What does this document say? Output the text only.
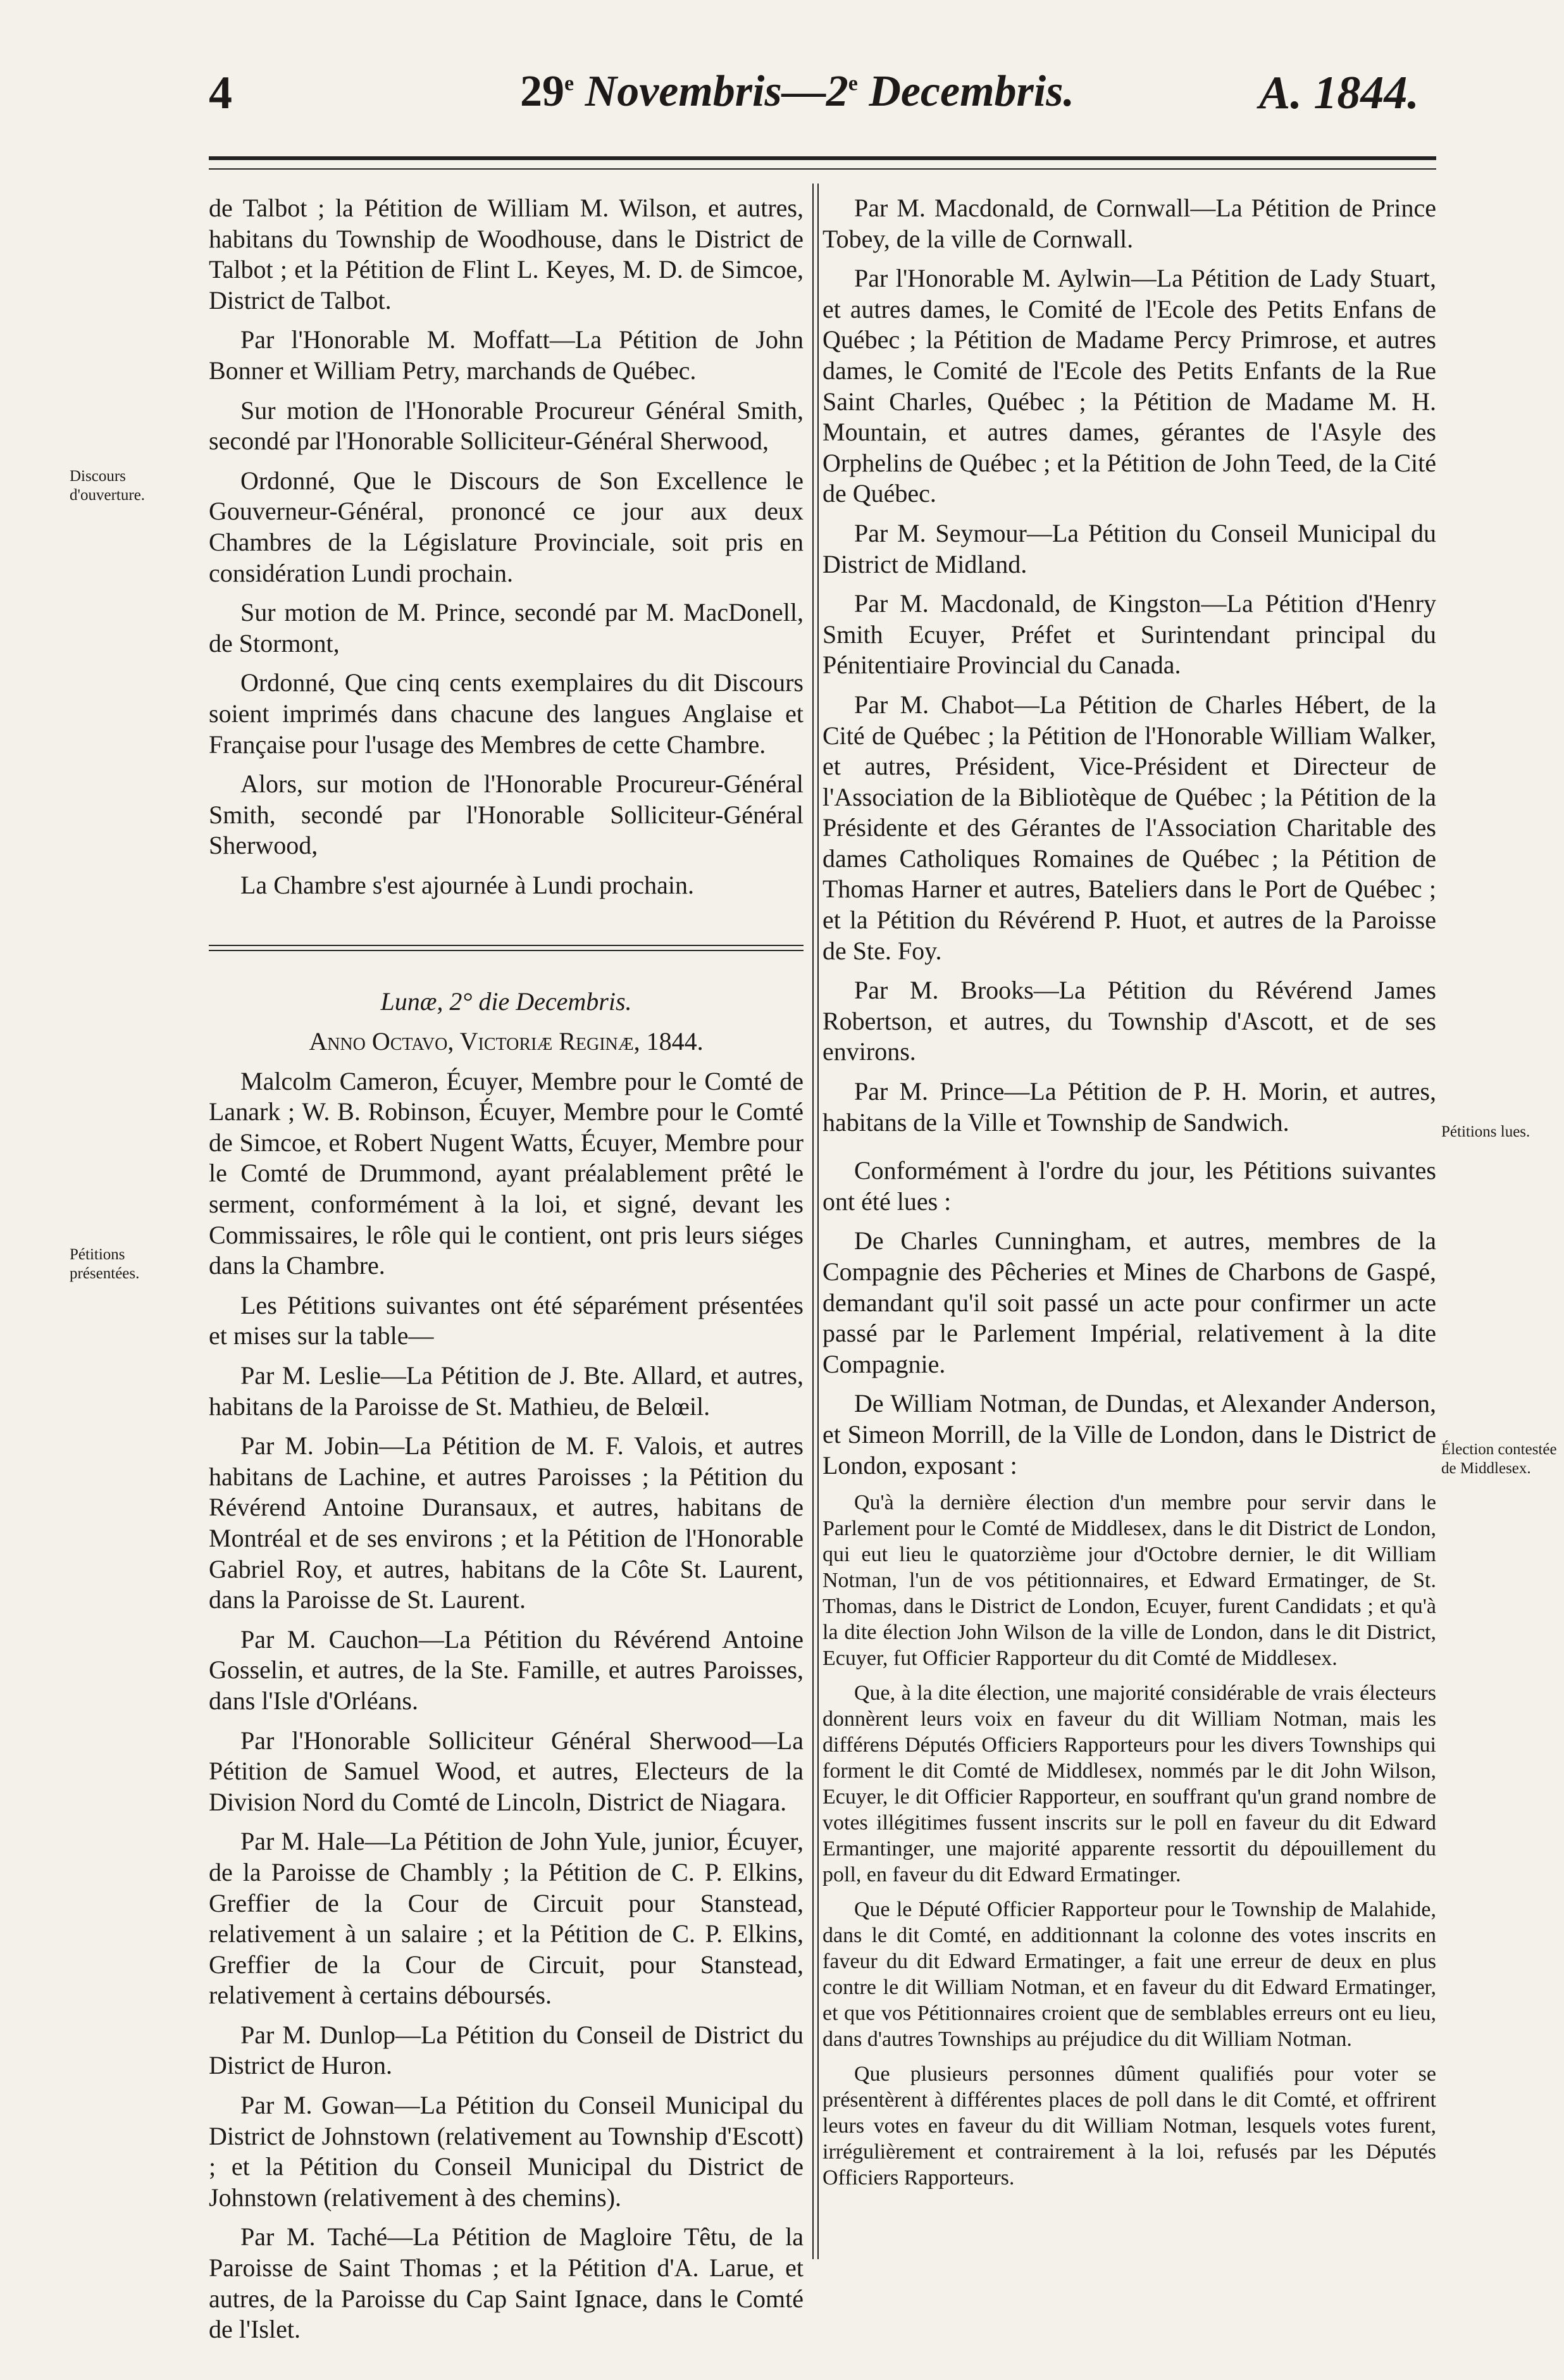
4	29e Novembris—2e Decembris.	A. 1844.
Discours d'ouverture.
Pétitions présentées.
Pétitions lues.
Élection contestée de Middlesex.

de Talbot ; la Pétition de William M. Wilson, et autres, habitans du Township de Woodhouse, dans le District de Talbot ; et la Pétition de Flint L. Keyes, M. D. de Simcoe, District de Talbot.

Par l'Honorable M. Moffatt—La Pétition de John Bonner et William Petry, marchands de Québec.

Sur motion de l'Honorable Procureur Général Smith, secondé par l'Honorable Solliciteur-Général Sherwood,

Ordonné, Que le Discours de Son Excellence le Gouverneur-Général, prononcé ce jour aux deux Chambres de la Législature Provinciale, soit pris en considération Lundi prochain.

Sur motion de M. Prince, secondé par M. MacDonell, de Stormont,

Ordonné, Que cinq cents exemplaires du dit Discours soient imprimés dans chacune des langues Anglaise et Française pour l'usage des Membres de cette Chambre.

Alors, sur motion de l'Honorable Procureur-Général Smith, secondé par l'Honorable Solliciteur-Général Sherwood,

La Chambre s'est ajournée à Lundi prochain.

Lunæ, 2° die Decembris.

Anno Octavo, Victoriæ Reginæ, 1844.

Malcolm Cameron, Écuyer, Membre pour le Comté de Lanark ; W. B. Robinson, Écuyer, Membre pour le Comté de Simcoe, et Robert Nugent Watts, Écuyer, Membre pour le Comté de Drummond, ayant préalablement prêté le serment, conformément à la loi, et signé, devant les Commissaires, le rôle qui le contient, ont pris leurs siéges dans la Chambre.

Les Pétitions suivantes ont été séparément présentées et mises sur la table—

Par M. Leslie—La Pétition de J. Bte. Allard, et autres, habitans de la Paroisse de St. Mathieu, de Belœil.

Par M. Jobin—La Pétition de M. F. Valois, et autres habitans de Lachine, et autres Paroisses ; la Pétition du Révérend Antoine Duransaux, et autres, habitans de Montréal et de ses environs ; et la Pétition de l'Honorable Gabriel Roy, et autres, habitans de la Côte St. Laurent, dans la Paroisse de St. Laurent.

Par M. Cauchon—La Pétition du Révérend Antoine Gosselin, et autres, de la Ste. Famille, et autres Paroisses, dans l'Isle d'Orléans.

Par l'Honorable Solliciteur Général Sherwood—La Pétition de Samuel Wood, et autres, Electeurs de la Division Nord du Comté de Lincoln, District de Niagara.

Par M. Hale—La Pétition de John Yule, junior, Écuyer, de la Paroisse de Chambly ; la Pétition de C. P. Elkins, Greffier de la Cour de Circuit pour Stanstead, relativement à un salaire ; et la Pétition de C. P. Elkins, Greffier de la Cour de Circuit, pour Stanstead, relativement à certains déboursés.

Par M. Dunlop—La Pétition du Conseil de District du District de Huron.

Par M. Gowan—La Pétition du Conseil Municipal du District de Johnstown (relativement au Township d'Escott) ; et la Pétition du Conseil Municipal du District de Johnstown (relativement à des chemins).

Par M. Taché—La Pétition de Magloire Têtu, de la Paroisse de Saint Thomas ; et la Pétition d'A. Larue, et autres, de la Paroisse du Cap Saint Ignace, dans le Comté de l'Islet.

Par M. Macdonald, de Cornwall—La Pétition de Prince Tobey, de la ville de Cornwall.

Par l'Honorable M. Aylwin—La Pétition de Lady Stuart, et autres dames, le Comité de l'Ecole des Petits Enfans de Québec ; la Pétition de Madame Percy Primrose, et autres dames, le Comité de l'Ecole des Petits Enfants de la Rue Saint Charles, Québec ; la Pétition de Madame M. H. Mountain, et autres dames, gérantes de l'Asyle des Orphelins de Québec ; et la Pétition de John Teed, de la Cité de Québec.

Par M. Seymour—La Pétition du Conseil Municipal du District de Midland.

Par M. Macdonald, de Kingston—La Pétition d'Henry Smith Ecuyer, Préfet et Surintendant principal du Pénitentiaire Provincial du Canada.

Par M. Chabot—La Pétition de Charles Hébert, de la Cité de Québec ; la Pétition de l'Honorable William Walker, et autres, Président, Vice-Président et Directeur de l'Association de la Bibliotèque de Québec ; la Pétition de la Présidente et des Gérantes de l'Association Charitable des dames Catholiques Romaines de Québec ; la Pétition de Thomas Harner et autres, Bateliers dans le Port de Québec ; et la Pétition du Révérend P. Huot, et autres de la Paroisse de Ste. Foy.

Par M. Brooks—La Pétition du Révérend James Robertson, et autres, du Township d'Ascott, et de ses environs.

Par M. Prince—La Pétition de P. H. Morin, et autres, habitans de la Ville et Township de Sandwich.

Conformément à l'ordre du jour, les Pétitions suivantes ont été lues :

De Charles Cunningham, et autres, membres de la Compagnie des Pêcheries et Mines de Charbons de Gaspé, demandant qu'il soit passé un acte pour confirmer un acte passé par le Parlement Impérial, relativement à la dite Compagnie.

De William Notman, de Dundas, et Alexander Anderson, et Simeon Morrill, de la Ville de London, dans le District de London, exposant :

Qu'à la dernière élection d'un membre pour servir dans le Parlement pour le Comté de Middlesex, dans le dit District de London, qui eut lieu le quatorzième jour d'Octobre dernier, le dit William Notman, l'un de vos pétitionnaires, et Edward Ermatinger, de St. Thomas, dans le District de London, Ecuyer, furent Candidats ; et qu'à la dite élection John Wilson de la ville de London, dans le dit District, Ecuyer, fut Officier Rapporteur du dit Comté de Middlesex.

Que, à la dite élection, une majorité considérable de vrais électeurs donnèrent leurs voix en faveur du dit William Notman, mais les différens Députés Officiers Rapporteurs pour les divers Townships qui forment le dit Comté de Middlesex, nommés par le dit John Wilson, Ecuyer, le dit Officier Rapporteur, en souffrant qu'un grand nombre de votes illégitimes fussent inscrits sur le poll en faveur du dit Edward Ermantinger, une majorité apparente ressortit du dépouillement du poll, en faveur du dit Edward Ermatinger.

Que le Député Officier Rapporteur pour le Township de Malahide, dans le dit Comté, en additionnant la colonne des votes inscrits en faveur du dit Edward Ermatinger, a fait une erreur de deux en plus contre le dit William Notman, et en faveur du dit Edward Ermatinger, et que vos Pétitionnaires croient que de semblables erreurs ont eu lieu, dans d'autres Townships au préjudice du dit William Notman.

Que plusieurs personnes dûment qualifiés pour voter se présentèrent à différentes places de poll dans le dit Comté, et offrirent leurs votes en faveur du dit William Notman, lesquels votes furent, irrégulièrement et contrairement à la loi, refusés par les Députés Officiers Rapporteurs.
